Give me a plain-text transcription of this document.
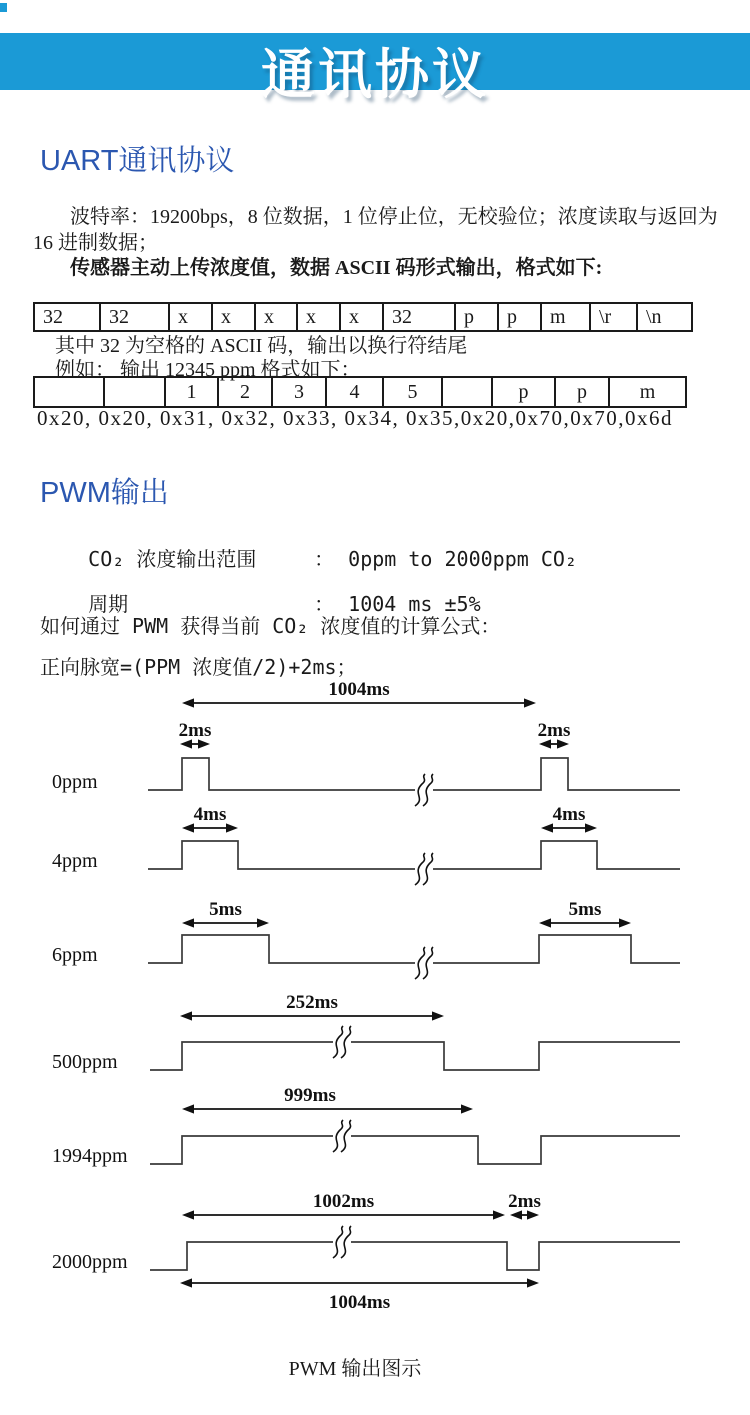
通讯协议
UART通讯协议
波特率：19200bps，8 位数据，1 位停止位，无校验位；浓度读取与返回为
16 进制数据；
传感器主动上传浓度值，数据 ASCII 码形式输出，格式如下:
32	32	x	x	x	x	x	32	p	p	m	\r	\n
其中 32 为空格的 ASCII 码，输出以换行符结尾
例如： 输出 12345 ppm 格式如下：
		1	2	3	4	5		p	p	m
0x20, 0x20, 0x31, 0x32, 0x33, 0x34, 0x35,0x20,0x70,0x70,0x6d
PWM输出

CO₂ 浓度输出范围	： 0ppm to 2000ppm CO₂

周期	： 1004 ms ±5%

如何通过 PWM 获得当前 CO₂ 浓度值的计算公式：
正向脉宽=(PPM 浓度值/2)+2ms；
1004ms
2ms	2ms
0ppm
4ms	4ms
4ppm
5ms	5ms
6ppm
252ms
500ppm
999ms
1994ppm
1002ms	2ms
1004ms
2000ppm
PWM 输出图示
